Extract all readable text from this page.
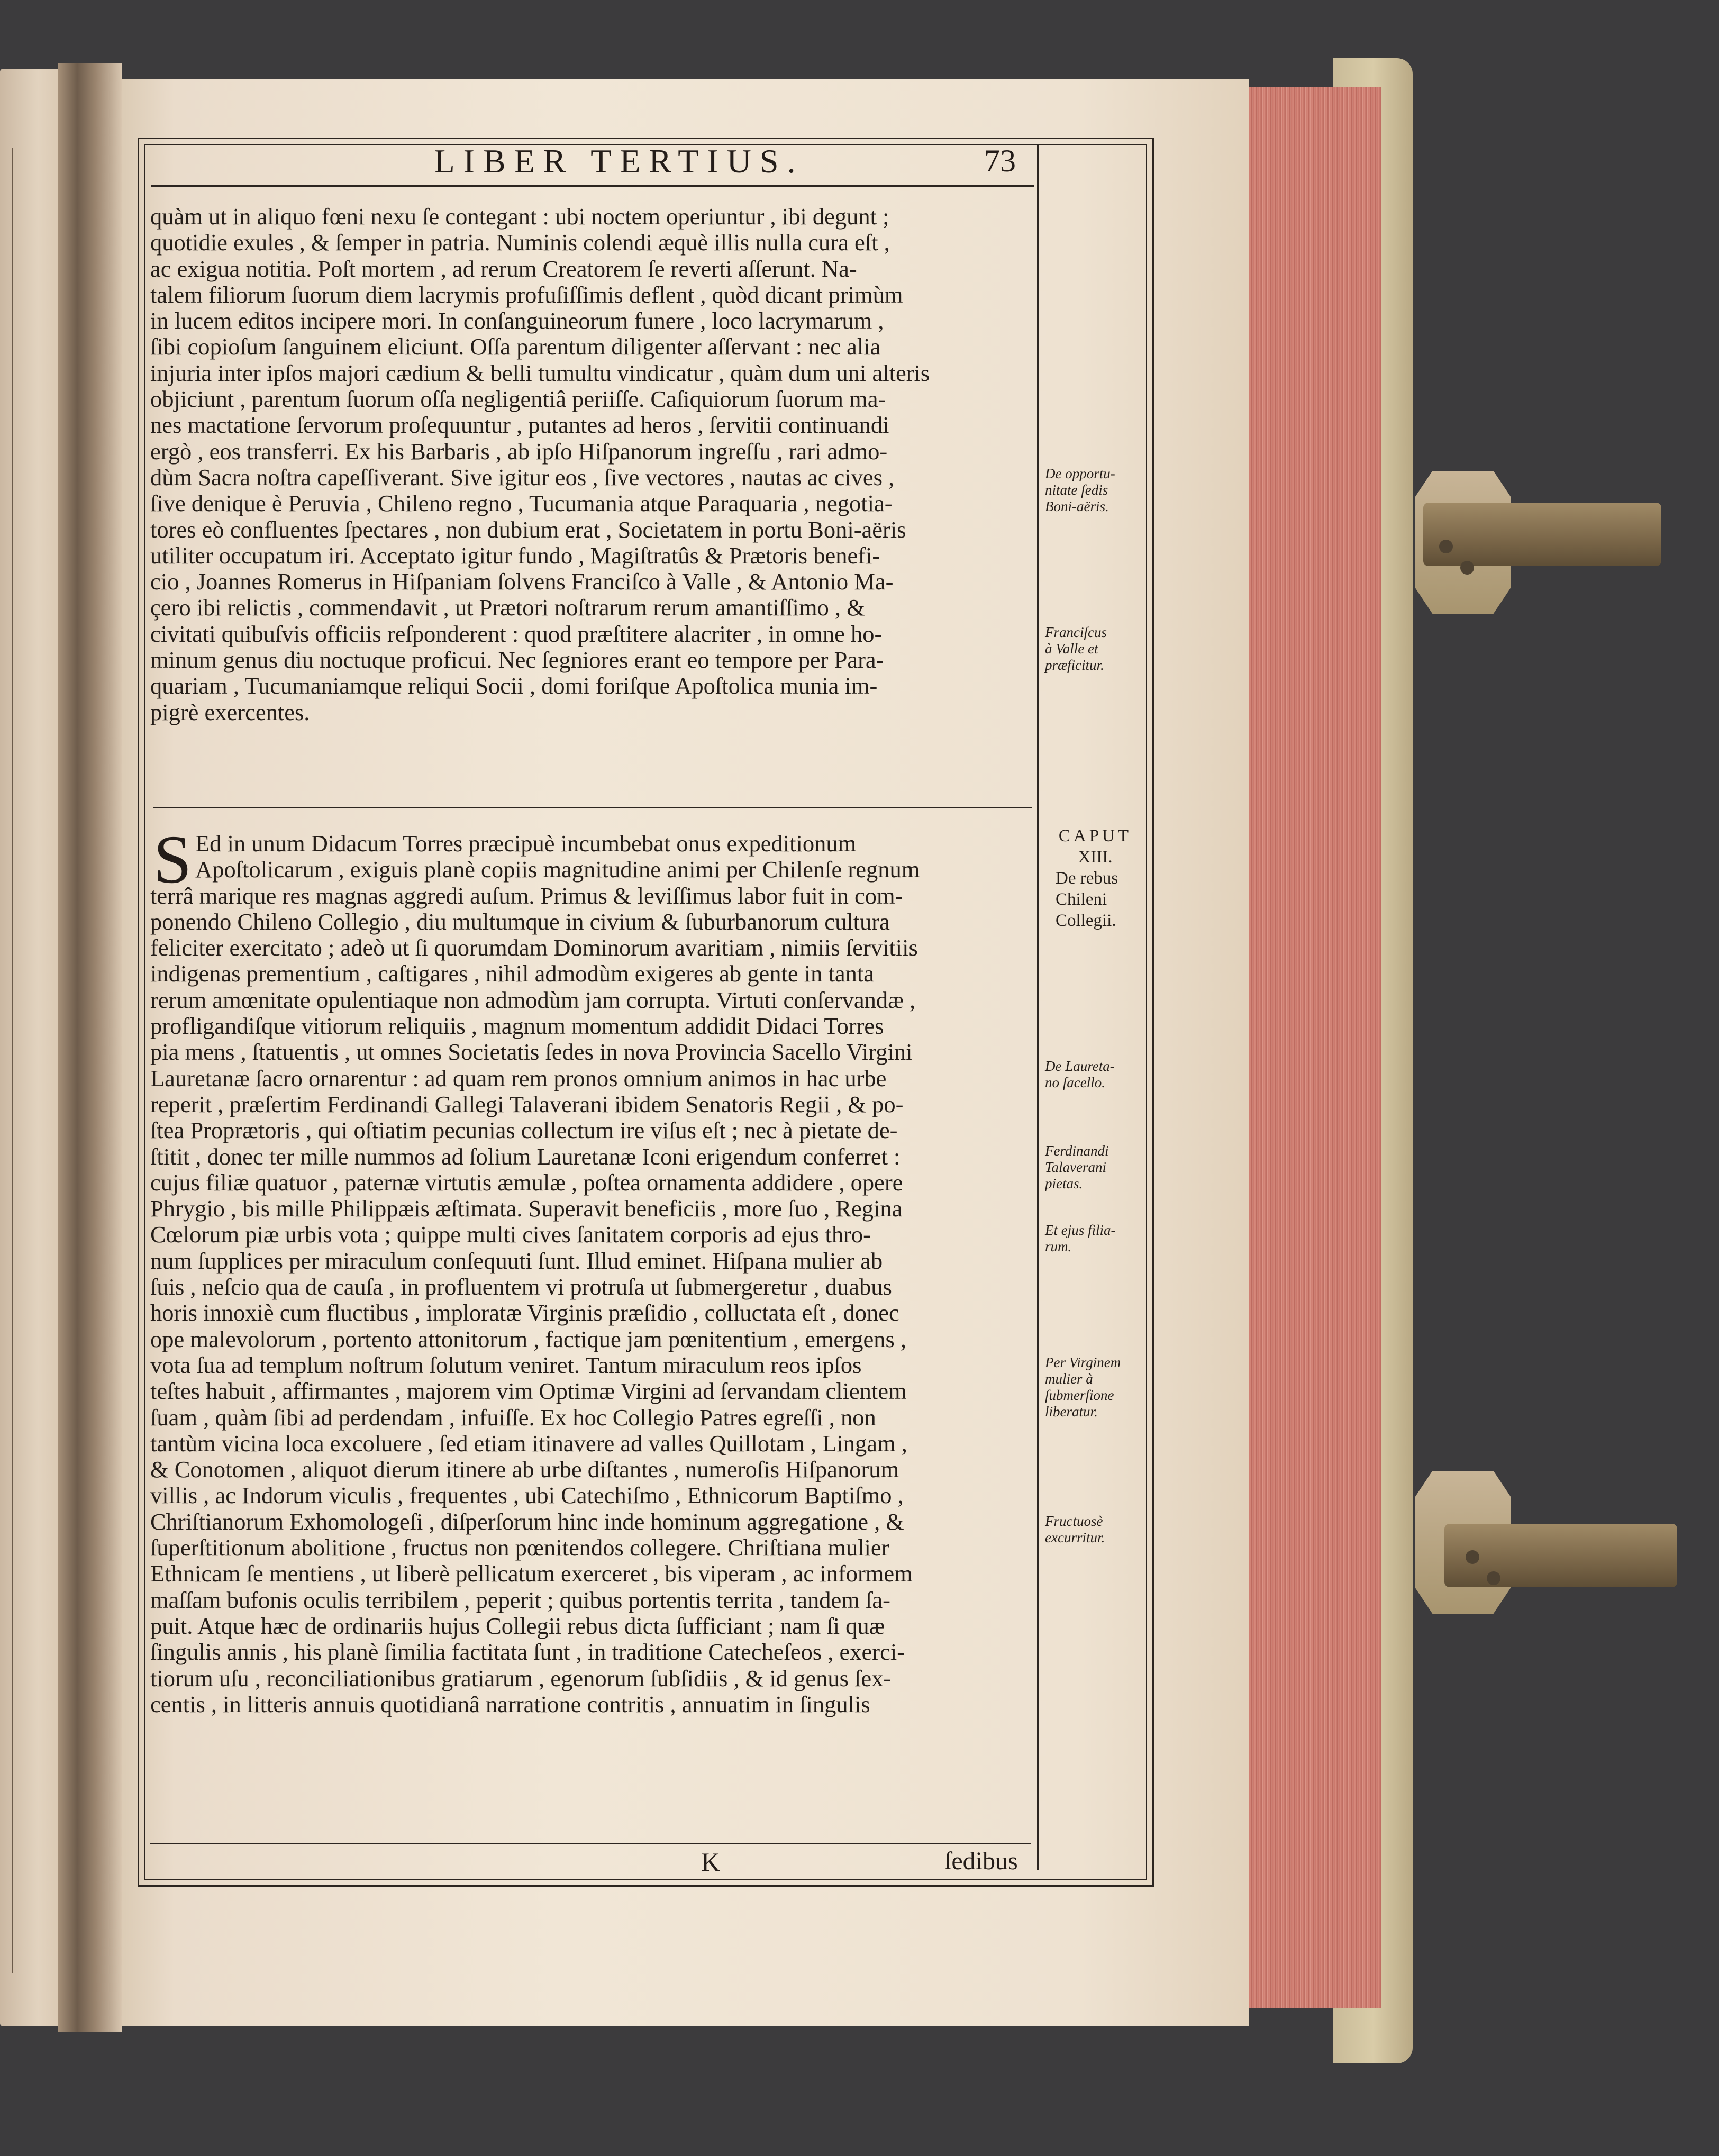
LIBER TERTIUS.	73
quàm ut in aliquo fœni nexu ſe contegant : ubi noctem operiuntur , ibi degunt ;
quotidie exules , & ſemper in patria. Numinis colendi æquè illis nulla cura eſt ,
ac exigua notitia. Poſt mortem , ad rerum Creatorem ſe reverti aſſerunt. Na-
talem filiorum ſuorum diem lacrymis profuſiſſimis deflent , quòd dicant primùm
in lucem editos incipere mori. In conſanguineorum funere , loco lacrymarum ,
ſibi copioſum ſanguinem eliciunt. Oſſa parentum diligenter aſſervant : nec alia
injuria inter ipſos majori cædium & belli tumultu vindicatur , quàm dum uni alteris
objiciunt , parentum ſuorum oſſa negligentiâ periiſſe. Caſiquiorum ſuorum ma-
nes mactatione ſervorum proſequuntur , putantes ad heros , ſervitii continuandi
ergò , eos transferri. Ex his Barbaris , ab ipſo Hiſpanorum ingreſſu , rari admo-
dùm Sacra noſtra capeſſiverant. Sive igitur eos , ſive vectores , nautas ac cives ,
ſive denique è Peruvia , Chileno regno , Tucumania atque Paraquaria , negotia-
tores eò confluentes ſpectares , non dubium erat , Societatem in portu Boni-aëris
utiliter occupatum iri. Acceptato igitur fundo , Magiſtratûs & Prætoris benefi-
cio , Joannes Romerus in Hiſpaniam ſolvens Franciſco à Valle , & Antonio Ma-
çero ibi relictis , commendavit , ut Prætori noſtrarum rerum amantiſſimo , &
civitati quibuſvis officiis reſponderent : quod præſtitere alacriter , in omne ho-
minum genus diu noctuque proficui. Nec ſegniores erant eo tempore per Para-
quariam , Tucumaniamque reliqui Socii , domi foriſque Apoſtolica munia im-
pigrè exercentes.
S Ed in unum Didacum Torres præcipuè incumbebat onus expeditionum
Apoſtolicarum , exiguis planè copiis magnitudine animi per Chilenſe regnum
terrâ marique res magnas aggredi auſum. Primus & leviſſimus labor fuit in com-
ponendo Chileno Collegio , diu multumque in civium & ſuburbanorum cultura
feliciter exercitato ; adeò ut ſi quorumdam Dominorum avaritiam , nimiis ſervitiis
indigenas prementium , caſtigares , nihil admodùm exigeres ab gente in tanta
rerum amœnitate opulentiaque non admodùm jam corrupta. Virtuti conſervandæ ,
profligandiſque vitiorum reliquiis , magnum momentum addidit Didaci Torres
pia mens , ſtatuentis , ut omnes Societatis ſedes in nova Provincia Sacello Virgini
Lauretanæ ſacro ornarentur : ad quam rem pronos omnium animos in hac urbe
reperit , præſertim Ferdinandi Gallegi Talaverani ibidem Senatoris Regii , & po-
ſtea Proprætoris , qui oſtiatim pecunias collectum ire viſus eſt ; nec à pietate de-
ſtitit , donec ter mille nummos ad ſolium Lauretanæ Iconi erigendum conferret :
cujus filiæ quatuor , paternæ virtutis æmulæ , poſtea ornamenta addidere , opere
Phrygio , bis mille Philippæis æſtimata. Superavit beneficiis , more ſuo , Regina
Cœlorum piæ urbis vota ; quippe multi cives ſanitatem corporis ad ejus thro-
num ſupplices per miraculum conſequuti ſunt. Illud eminet. Hiſpana mulier ab
ſuis , neſcio qua de cauſa , in profluentem vi protruſa ut ſubmergeretur , duabus
horis innoxiè cum fluctibus , imploratæ Virginis præſidio , colluctata eſt , donec
ope malevolorum , portento attonitorum , factique jam pœnitentium , emergens ,
vota ſua ad templum noſtrum ſolutum veniret. Tantum miraculum reos ipſos
teſtes habuit , affirmantes , majorem vim Optimæ Virgini ad ſervandam clientem
ſuam , quàm ſibi ad perdendam , infuiſſe. Ex hoc Collegio Patres egreſſi , non
tantùm vicina loca excoluere , ſed etiam itinavere ad valles Quillotam , Lingam ,
& Conotomen , aliquot dierum itinere ab urbe diſtantes , numeroſis Hiſpanorum
villis , ac Indorum viculis , frequentes , ubi Catechiſmo , Ethnicorum Baptiſmo ,
Chriſtianorum Exhomologeſi , diſperſorum hinc inde hominum aggregatione , &
ſuperſtitionum abolitione , fructus non pœnitendos collegere. Chriſtiana mulier
Ethnicam ſe mentiens , ut liberè pellicatum exerceret , bis viperam , ac informem
maſſam bufonis oculis terribilem , peperit ; quibus portentis territa , tandem ſa-
puit. Atque hæc de ordinariis hujus Collegii rebus dicta ſufficiant ; nam ſi quæ
ſingulis annis , his planè ſimilia factitata ſunt , in traditione Catecheſeos , exerci-
tiorum uſu , reconciliationibus gratiarum , egenorum ſubſidiis , & id genus ſex-
centis , in litteris annuis quotidianâ narratione contritis , annuatim in ſingulis
K	ſedibus
CAPUT
XIII.
De rebus
Chileni
Collegii.
De opportu-
nitate ſedis
Boni-aëris.
Franciſcus
à Valle et
præficitur.
De Laureta-
no ſacello.
Ferdinandi
Talaverani
pietas.
Et ejus filia-
rum.
Per Virginem
mulier à
ſubmerſione
liberatur.
Fructuosè
excurritur.
